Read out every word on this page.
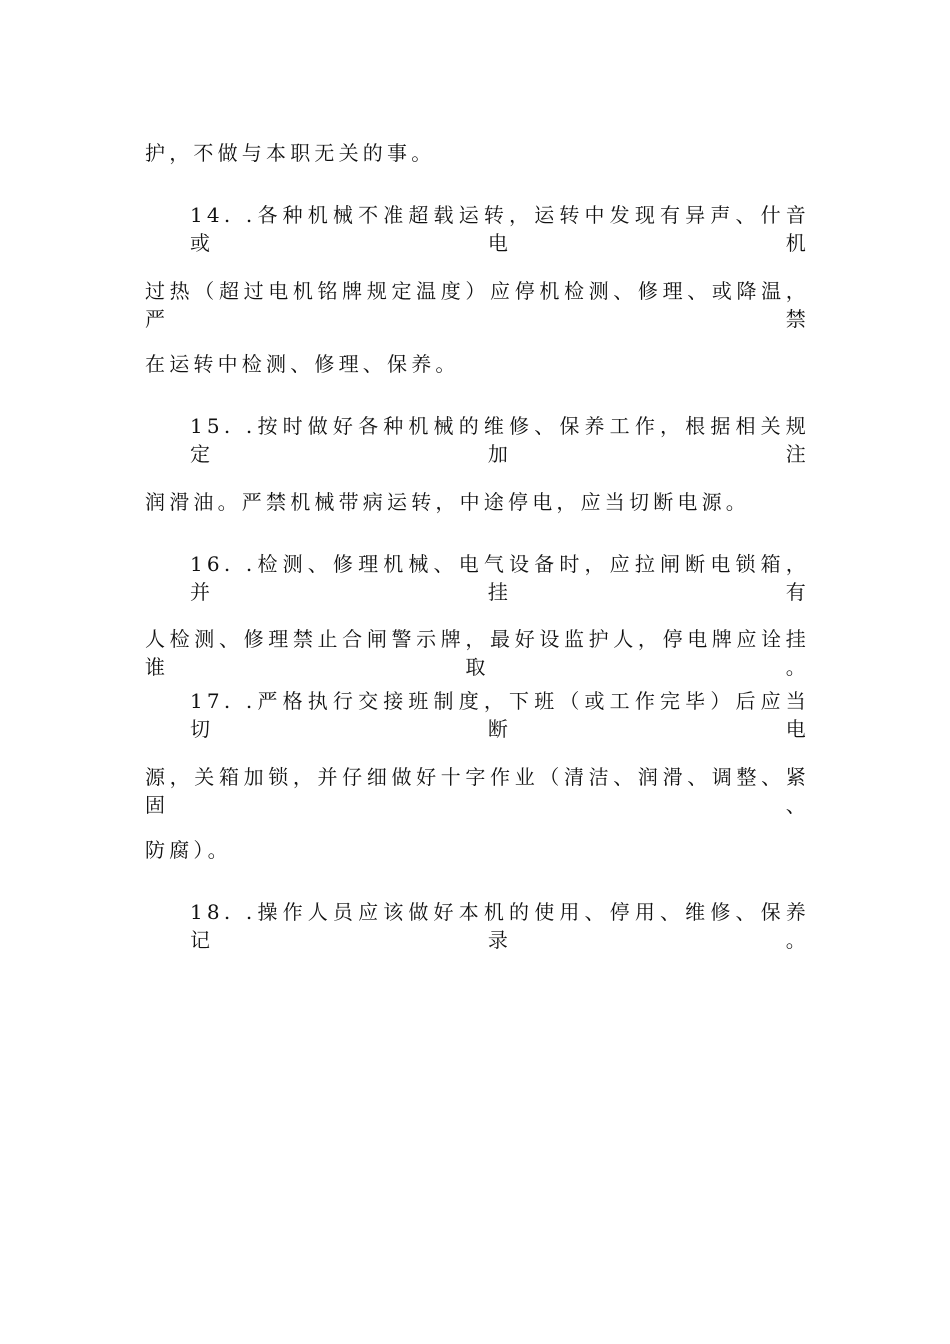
护，不做与本职无关的事。
14. .各种机械不准超载运转，运转中发现有异声、什音或电机
过热（超过电机铭牌规定温度）应停机检测、修理、或降温，严禁
在运转中检测、修理、保养。
15. .按时做好各种机械的维修、保养工作，根据相关规定加注
润滑油。严禁机械带病运转，中途停电，应当切断电源。
16. .检测、修理机械、电气设备时，应拉闸断电锁箱，并挂有
人检测、修理禁止合闸警示牌，最好设监护人，停电牌应诠挂谁取。
17. .严格执行交接班制度，下班（或工作完毕）后应当切断电
源，关箱加锁，并仔细做好十字作业（清洁、润滑、调整、紧固、
防腐）。
18. .操作人员应该做好本机的使用、停用、维修、保养记录。
